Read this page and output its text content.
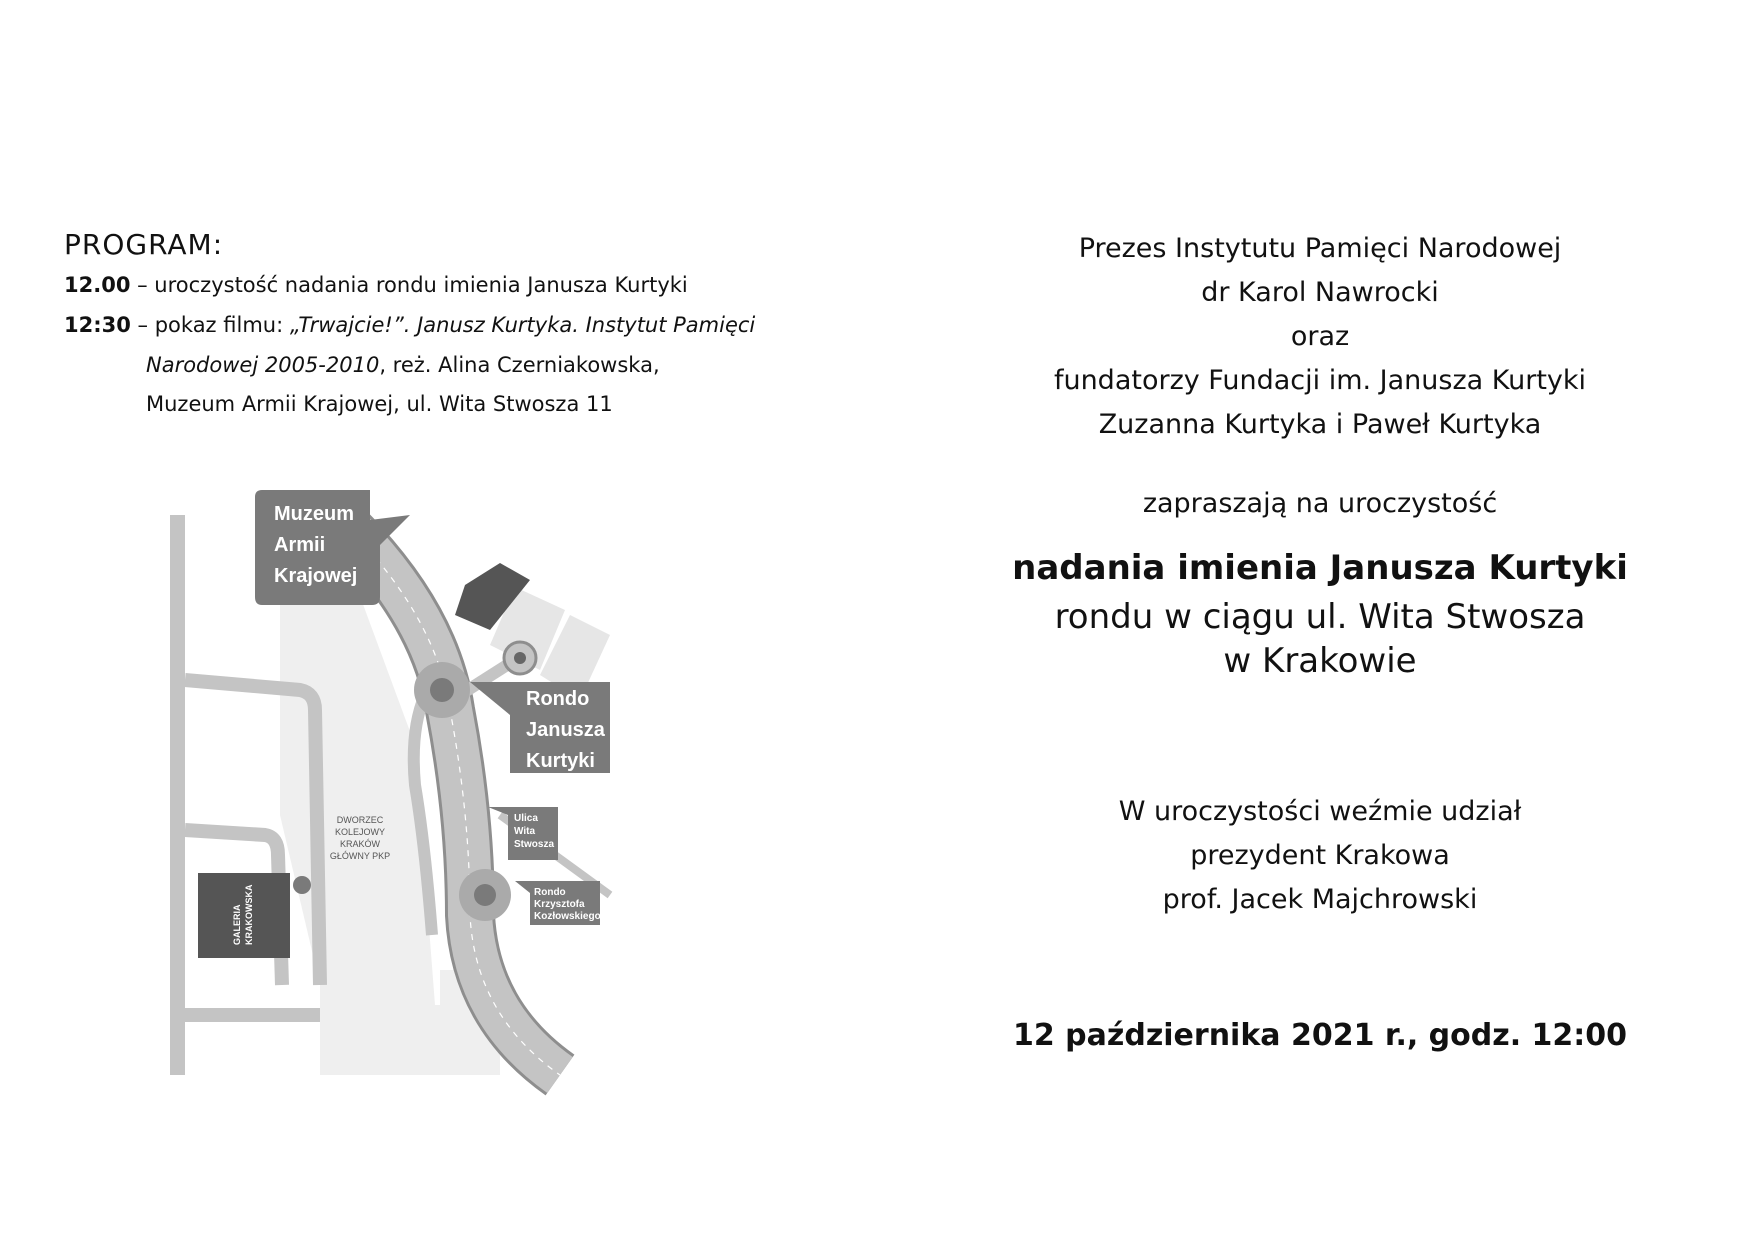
PROGRAM:
12.00 – uroczystość nadania rondu imienia Janusza Kurtyki
12:30 – pokaz filmu: „Trwajcie!”. Janusz Kurtyka. Instytut Pamięci
Narodowej 2005-2010, reż. Alina Czerniakowska,
Muzeum Armii Krajowej, ul. Wita Stwosza 11
GALERIA KRAKOWSKA
DWORZEC
KOLEJOWY
KRAKÓW
GŁÓWNY PKP
Muzeum
Armii
Krajowej
Rondo
Janusza
Kurtyki
Ulica
Wita
Stwosza
Rondo
Krzysztofa
Kozłowskiego
Prezes Instytutu Pamięci Narodowej
dr Karol Nawrocki
oraz
fundatorzy Fundacji im. Janusza Kurtyki
Zuzanna Kurtyka i Paweł Kurtyka
zapraszają na uroczystość
nadania imienia Janusza Kurtyki
rondu w ciągu ul. Wita Stwosza
w Krakowie
W uroczystości weźmie udział
prezydent Krakowa
prof. Jacek Majchrowski
12 października 2021 r., godz. 12:00
